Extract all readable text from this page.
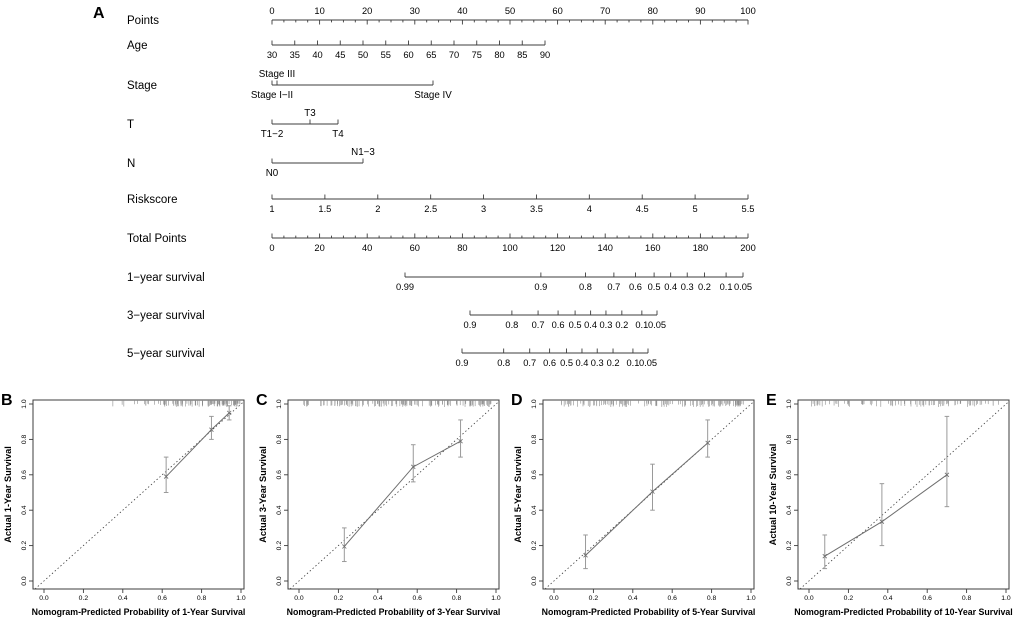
A Points
0	10	20	30	40	50	60	70	80	90	100
Age
30 35 40 45 50 55 60 65 70 75 80 85 90
Stage
Stage I−II
Stage III
Stage IV
T
T1−2
T3
T4
N
N0
N1−3
Riskscore
1	1.5	2	2.5	3	3.5	4	4.5	5	5.5
Total Points
0	20	40	60	80	100	120	140	160	180	200
1−year survival
0.99	0.9	0.8 0.7 0.6 0.5 0.4 0.3 0.2 0.1 0.05
3−year survival
0.9	0.8 0.7 0.6 0.5 0.4 0.3 0.2 0.1 0.05
5−year survival
0.9	0.8 0.7 0.6 0.5 0.4 0.3 0.2 0.1 0.05
0.0
0.0
0.2
0.2
0.4
0.4
0.6
0.6
0.8
0.8
1.0
1.0
Nomogram-Predicted Probability of 1-Year Survival
Actual 1-Year Survival
B
0.0
0.0
0.2
0.2
0.4
0.4
0.6
0.6
0.8
0.8
1.0
1.0
Nomogram-Predicted Probability of 3-Year Survival
Actual 3-Year Survival
C
0.0
0.0
0.2
0.2
0.4
0.4
0.6
0.6
0.8
0.8
1.0
1.0
Nomogram-Predicted Probability of 5-Year Survival
Actual 5-Year Survival
D
0.0
0.0
0.2
0.2
0.4
0.4
0.6
0.6
0.8
0.8
1.0
1.0
Nomogram-Predicted Probability of 10-Year Survival
Actual 10-Year Survival
E
